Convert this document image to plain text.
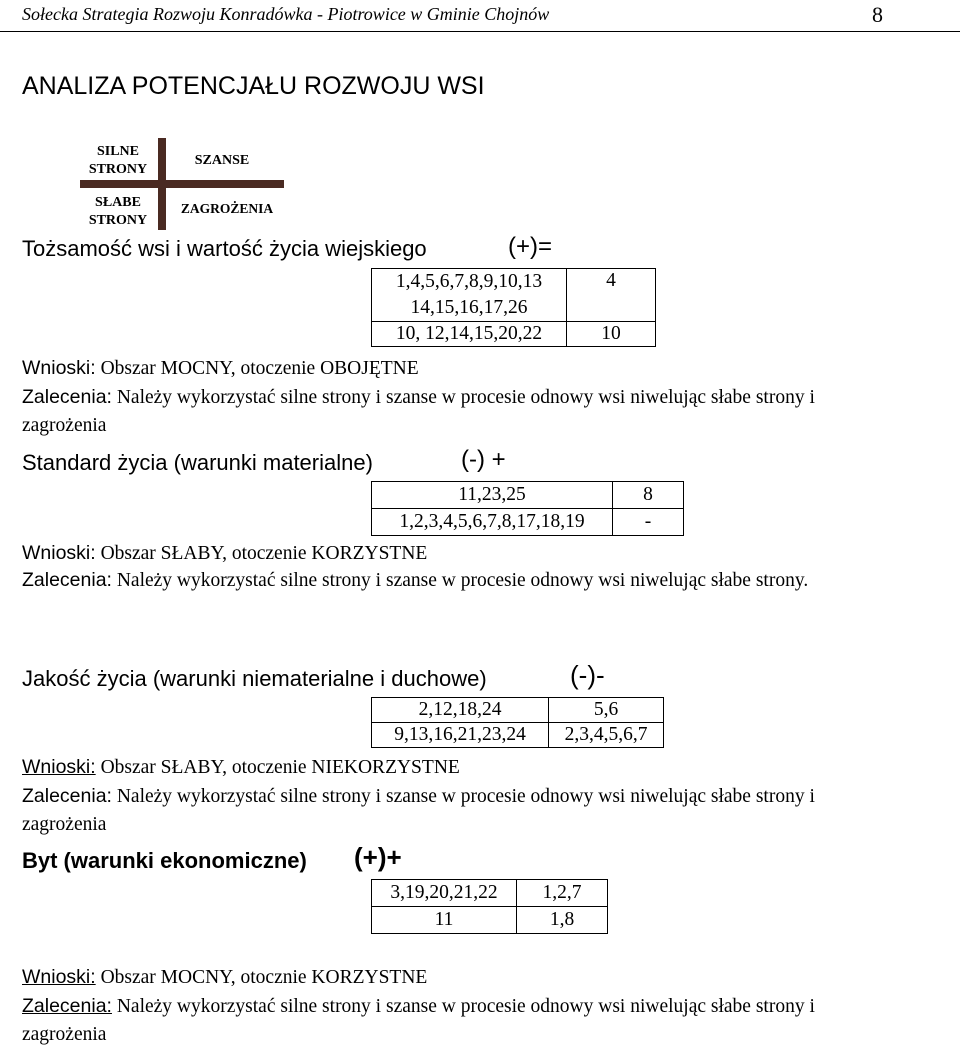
Sołecka Strategia Rozwoju Konradówka - Piotrowice w Gminie Chojnów	8
ANALIZA POTENCJAŁU ROZWOJU WSI
SILNE STRONY
SZANSE
SŁABE STRONY
ZAGROŻENIA
Tożsamość wsi i wartość życia wiejskiego	(+)=
1,4,5,6,7,8,9,10,13 14,15,16,17,26	4
10, 12,14,15,20,22	10
Wnioski: Obszar MOCNY, otoczenie OBOJĘTNE
Zalecenia: Należy wykorzystać silne strony i szanse w procesie odnowy wsi niwelując słabe strony i zagrożenia
Standard życia (warunki materialne)	(-) +
11,23,25	8
1,2,3,4,5,6,7,8,17,18,19	-
Wnioski: Obszar SŁABY, otoczenie KORZYSTNE
Zalecenia: Należy wykorzystać silne strony i szanse w procesie odnowy wsi niwelując słabe strony.
Jakość życia (warunki niematerialne i duchowe)	(-)-
2,12,18,24	5,6
9,13,16,21,23,24	2,3,4,5,6,7
Wnioski: Obszar SŁABY, otoczenie NIEKORZYSTNE
Zalecenia: Należy wykorzystać silne strony i szanse w procesie odnowy wsi niwelując słabe strony i zagrożenia
Byt (warunki ekonomiczne) (+)+
3,19,20,21,22	1,2,7
11	1,8
Wnioski: Obszar MOCNY, otocznie KORZYSTNE
Zalecenia: Należy wykorzystać silne strony i szanse w procesie odnowy wsi niwelując słabe strony i zagrożenia
